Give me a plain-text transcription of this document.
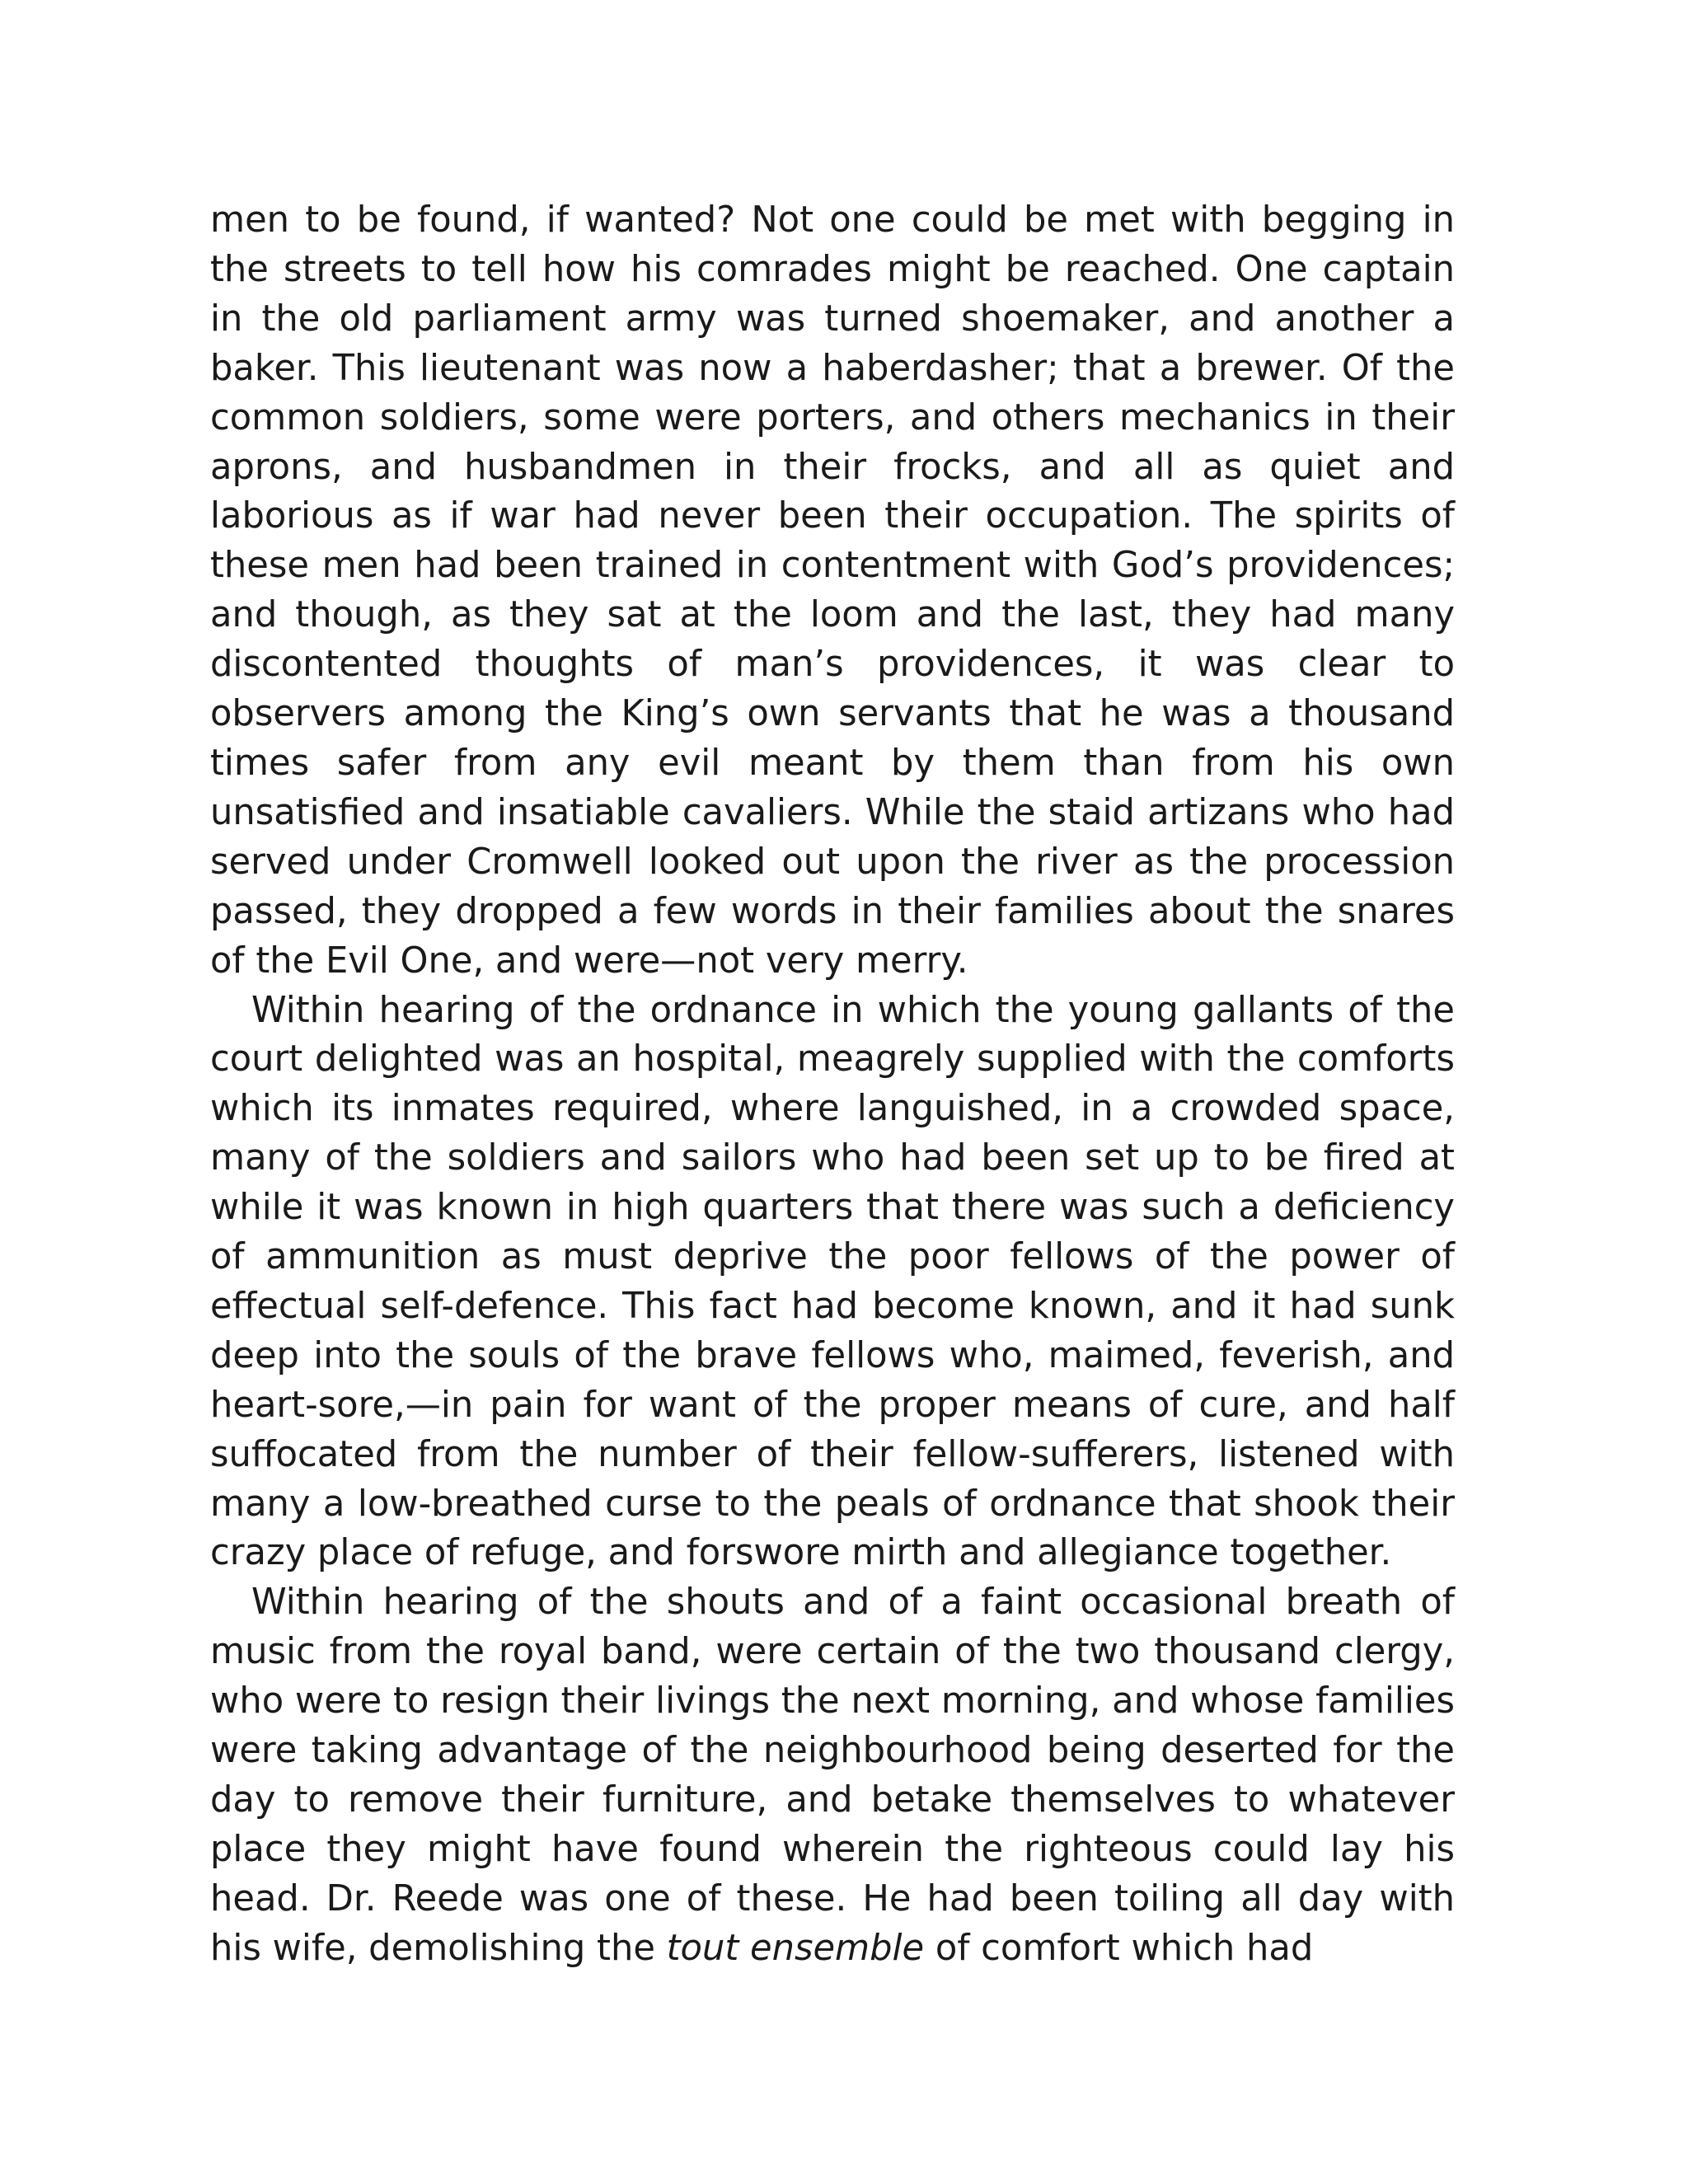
men to be found, if wanted? Not one could be met with begging in the streets to tell how his comrades might be reached. One captain in the old parliament army was turned shoemaker, and another a baker. This lieutenant was now a haberdasher; that a brewer. Of the common soldiers, some were porters, and others mechanics in their aprons, and husbandmen in their frocks, and all as quiet and laborious as if war had never been their occupation. The spirits of these men had been trained in contentment with God’s providences; and though, as they sat at the loom and the last, they had many discontented thoughts of man’s providences, it was clear to observers among the King’s own servants that he was a thousand times safer from any evil meant by them than from his own unsatisfied and insatiable cavaliers. While the staid artizans who had served under Cromwell looked out upon the river as the procession passed, they dropped a few words in their families about the snares of the Evil One, and were—not very merry.

Within hearing of the ordnance in which the young gallants of the court delighted was an hospital, meagrely supplied with the comforts which its inmates required, where languished, in a crowded space, many of the soldiers and sailors who had been set up to be fired at while it was known in high quarters that there was such a deficiency of ammunition as must deprive the poor fellows of the power of effectual self-defence. This fact had become known, and it had sunk deep into the souls of the brave fellows who, maimed, feverish, and heart-sore,—in pain for want of the proper means of cure, and half suffocated from the number of their fellow-sufferers, listened with many a low-breathed curse to the peals of ordnance that shook their crazy place of refuge, and forswore mirth and allegiance together.

Within hearing of the shouts and of a faint occasional breath of music from the royal band, were certain of the two thousand clergy, who were to resign their livings the next morning, and whose families were taking advantage of the neighbourhood being deserted for the day to remove their furniture, and betake themselves to whatever place they might have found wherein the righteous could lay his head. Dr. Reede was one of these. He had been toiling all day with his wife, demolishing the tout ensemble of comfort which had
